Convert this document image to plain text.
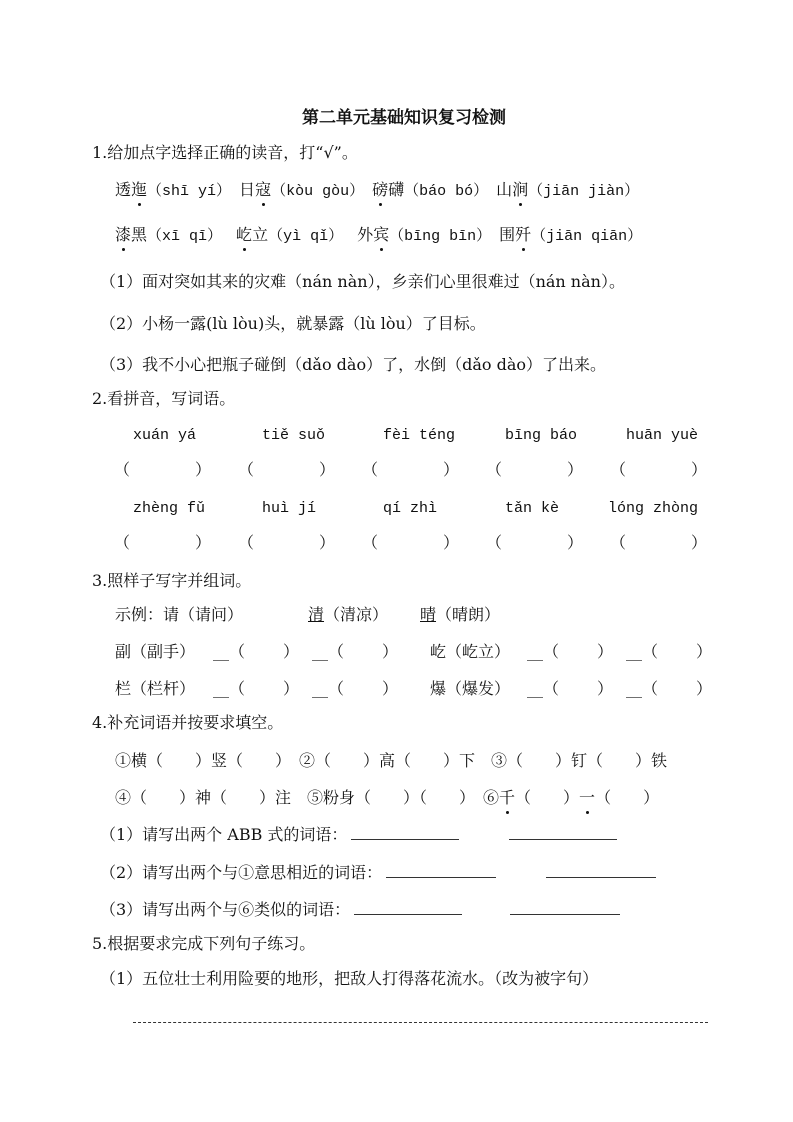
第二单元基础知识复习检测
1.给加点字选择正确的读音，打“√”。
透迤（shī yí） 日寇（kòu gòu） 磅礴（báo bó） 山涧（jiān jiàn）
漆黑（xī qī） 屹立（yì qǐ） 外宾（bīng bīn） 围歼（jiān qiān）
（1）面对突如其来的灾难（nán nàn），乡亲们心里很难过（nán nàn）。
（2）小杨一露(lù lòu)头，就暴露（lù lòu）了目标。
（3）我不小心把瓶子碰倒（dǎo dào）了，水倒（dǎo dào）了出来。
2.看拼音，写词语。
xuán yá	tiě suǒ	fèi téng	bīng báo	huān yuè
（	） （	） （	） （	） （	）
zhèng fǔ	huì jí	qí zhì	tǎn kè	lóng zhòng
（	） （	） （	） （	） （	）
3.照样子写字并组词。
示例：请（请问）	清（清凉）	晴（晴朗）
副（副手）	__（ ） __（ ） 屹（屹立）	__（ ） __（ ）
栏（栏杆）	__（ ） __（ ） 爆（爆发）	__（ ） __（ ）
4.补充词语并按要求填空。
①横（　　）竖（　　）　②（　　）高（　　）下　③（　　）钉（　　）铁
④（　　）神（　　）注　⑤粉身（　　）（　　）　⑥ 千 （　　） 一 （　　）
（1）请写出两个 ABB 式的词语：
（2）请写出两个与①意思相近的词语：
（3）请写出两个与⑥类似的词语：
5.根据要求完成下列句子练习。
（1）五位壮士利用险要的地形，把敌人打得落花流水。（改为被字句）
